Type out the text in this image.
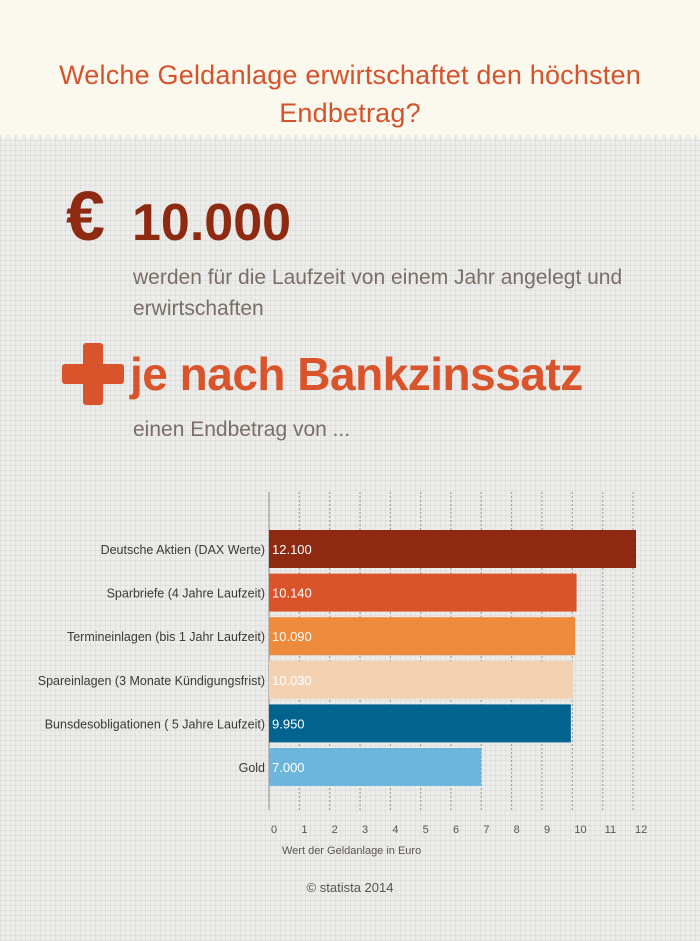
Welche Geldanlage erwirtschaftet den höchsten Endbetrag?
€ 10.000
werden für die Laufzeit von einem Jahr angelegt und erwirtschaften
je nach Bankzinssatz
einen Endbetrag von ...
12.100
Deutsche Aktien (DAX Werte)
10.140
Sparbriefe (4 Jahre Laufzeit)
10.090
Termineinlagen (bis 1 Jahr Laufzeit)
10.030
Spareinlagen (3 Monate Kündigungsfrist)
9.950
Bunsdesobligationen ( 5 Jahre Laufzeit)
7.000
Gold
0 1 2 3 4 5 6 7 8 9 10 11 12
Wert der Geldanlage in Euro
© statista 2014
